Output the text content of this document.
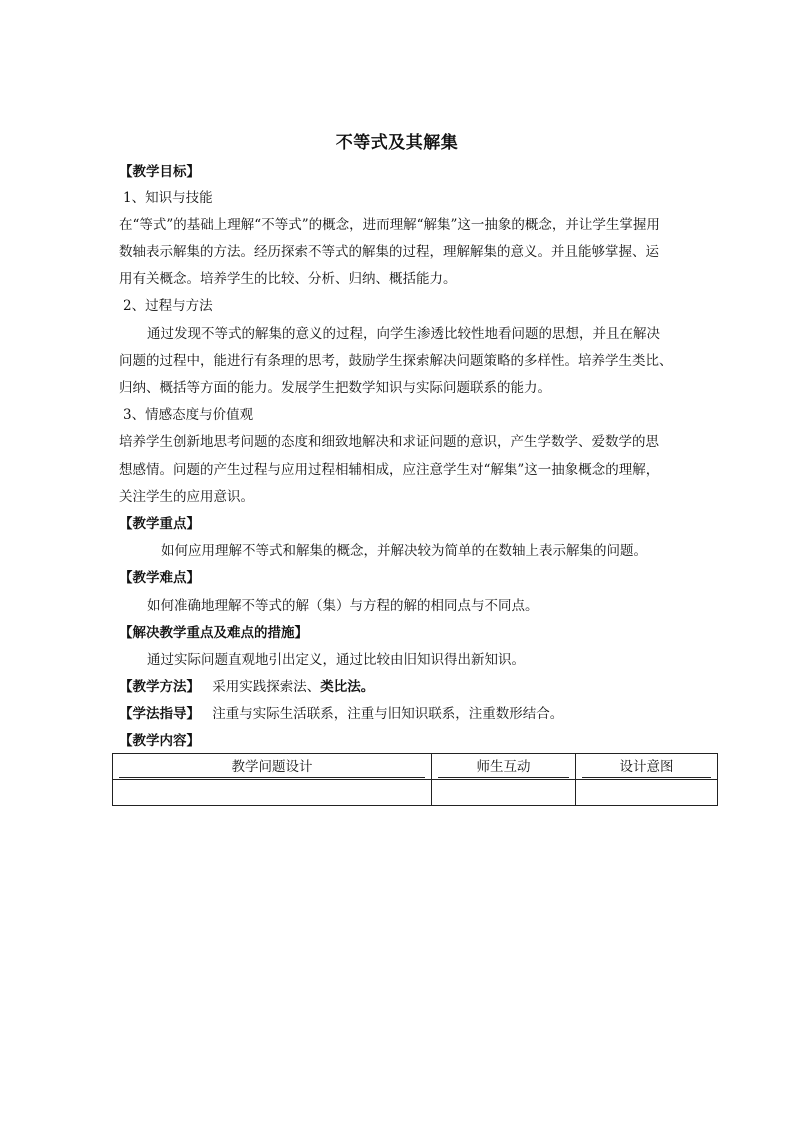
不等式及其解集
【教学目标】
1、知识与技能
在“等式”的基础上理解“不等式”的概念，进而理解“解集”这一抽象的概念，并让学生掌握用
数轴表示解集的方法。经历探索不等式的解集的过程，理解解集的意义。并且能够掌握、运
用有关概念。培养学生的比较、分析、归纳、概括能力。
2、过程与方法
通过发现不等式的解集的意义的过程，向学生渗透比较性地看问题的思想，并且在解决
问题的过程中，能进行有条理的思考，鼓励学生探索解决问题策略的多样性。培养学生类比、
归纳、概括等方面的能力。发展学生把数学知识与实际问题联系的能力。
3、情感态度与价值观
培养学生创新地思考问题的态度和细致地解决和求证问题的意识，产生学数学、爱数学的思
想感情。问题的产生过程与应用过程相辅相成，应注意学生对“解集”这一抽象概念的理解，
关注学生的应用意识。
【教学重点】
如何应用理解不等式和解集的概念，并解决较为简单的在数轴上表示解集的问题。
【教学难点】
如何准确地理解不等式的解（集）与方程的解的相同点与不同点。
【解决教学重点及难点的措施】
通过实际问题直观地引出定义，通过比较由旧知识得出新知识。
【教学方法】 采用实践探索法、类比法。
【学法指导】 注重与实际生活联系，注重与旧知识联系，注重数形结合。
【教学内容】
教学问题设计	师生互动	设计意图
